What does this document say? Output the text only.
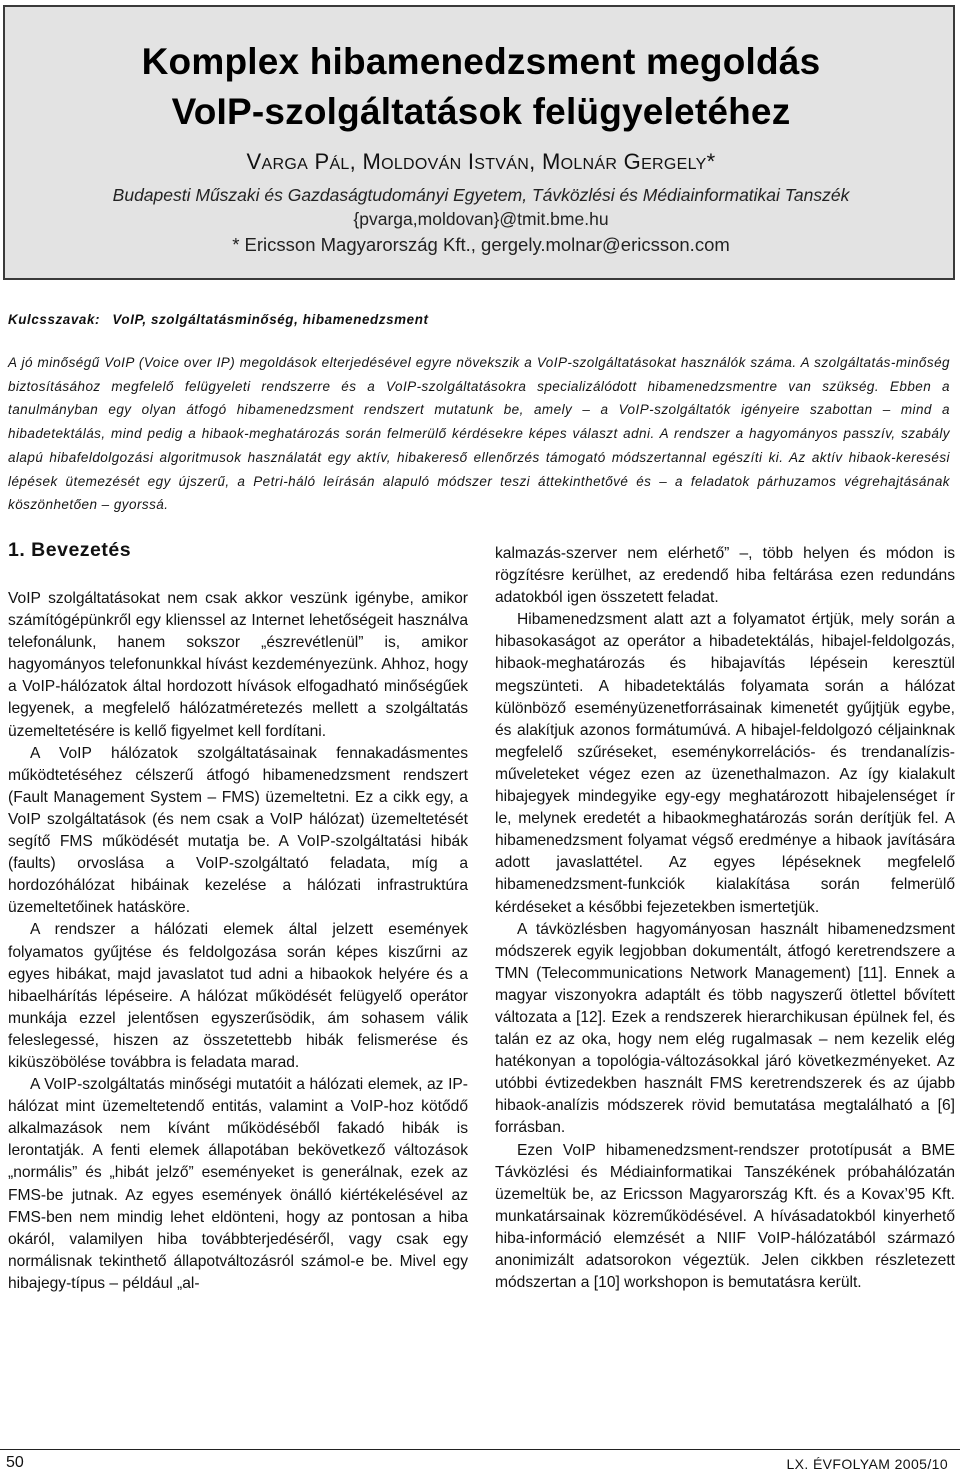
Komplex hibamenedzsment megoldás
VoIP-szolgáltatások felügyeletéhez
VARGA PÁL, MOLDOVÁN ISTVÁN, MOLNÁR GERGELY*
Budapesti Műszaki és Gazdaságtudományi Egyetem, Távközlési és Médiainformatikai Tanszék
{pvarga,moldovan}@tmit.bme.hu
* Ericsson Magyarország Kft., gergely.molnar@ericsson.com
Kulcsszavak: VoIP, szolgáltatásminőség, hibamenedzsment
A jó minőségű VoIP (Voice over IP) megoldások elterjedésével egyre növekszik a VoIP-szolgáltatásokat használók száma. A szolgáltatás-minőség biztosításához megfelelő felügyeleti rendszerre és a VoIP-szolgáltatásokra specializálódott hibamenedzsmentre van szükség. Ebben a tanulmányban egy olyan átfogó hibamenedzsment rendszert mutatunk be, amely – a VoIP-szolgáltatók igényeire szabottan – mind a hibadetektálás, mind pedig a hibaok-meghatározás során felmerülő kérdésekre képes választ adni. A rendszer a hagyományos passzív, szabály alapú hibafeldolgozási algoritmusok használatát egy aktív, hibakereső ellenőrzés támogató módszertannal egészíti ki. Az aktív hibaok-keresési lépések ütemezését egy újszerű, a Petri-háló leírásán alapuló módszer teszi áttekinthetővé és – a feladatok párhuzamos végrehajtásának köszönhetően – gyorssá.
1. Bevezetés

VoIP szolgáltatásokat nem csak akkor veszünk igénybe, amikor számítógépünkről egy klienssel az Internet lehetőségeit használva telefonálunk, hanem sokszor „észrevétlenül” is, amikor hagyományos telefonunkkal hívást kezdeményezünk. Ahhoz, hogy a VoIP-hálózatok által hordozott hívások elfogadható minőségűek legyenek, a megfelelő hálózatméretezés mellett a szolgáltatás üzemeltetésére is kellő figyelmet kell fordítani.

A VoIP hálózatok szolgáltatásainak fennakadásmentes működtetéséhez célszerű átfogó hibamenedzsment rendszert (Fault Management System – FMS) üzemeltetni. Ez a cikk egy, a VoIP szolgáltatások (és nem csak a VoIP hálózat) üzemeltetését segítő FMS működését mutatja be. A VoIP-szolgáltatási hibák (faults) orvoslása a VoIP-szolgáltató feladata, míg a hordozóhálózat hibáinak kezelése a hálózati infrastruktúra üzemeltetőinek hatásköre.

A rendszer a hálózati elemek által jelzett események folyamatos gyűjtése és feldolgozása során képes kiszűrni az egyes hibákat, majd javaslatot tud adni a hibaokok helyére és a hibaelhárítás lépéseire. A hálózat működését felügyelő operátor munkája ezzel jelentősen egyszerűsödik, ám sohasem válik feleslegessé, hiszen az összetettebb hibák felismerése és kiküszöbölése továbbra is feladata marad.

A VoIP-szolgáltatás minőségi mutatóit a hálózati elemek, az IP-hálózat mint üzemeltetendő entitás, valamint a VoIP-hoz kötődő alkalmazások nem kívánt működéséből fakadó hibák is lerontatják. A fenti elemek állapotában bekövetkező változások „normális” és „hibát jelző” eseményeket is generálnak, ezek az FMS-be jutnak. Az egyes események önálló kiértékelésével az FMS-ben nem mindig lehet eldönteni, hogy az pontosan a hiba okáról, valamilyen hiba továbbterjedéséről, vagy csak egy normálisnak tekinthető állapotváltozásról számol-e be. Mivel egy hibajegy-típus – például „al-

kalmazás-szerver nem elérhető” –, több helyen és módon is rögzítésre kerülhet, az eredendő hiba feltárása ezen redundáns adatokból igen összetett feladat.

Hibamenedzsment alatt azt a folyamatot értjük, mely során a hibasokaságot az operátor a hibadetektálás, hibajel-feldolgozás, hibaok-meghatározás és hibajavítás lépésein keresztül megszünteti. A hibadetektálás folyamata során a hálózat különböző eseményüzenetforrásainak kimenetét gyűjtjük egybe, és alakítjuk azonos formátumúvá. A hibajel-feldolgozó céljainknak megfelelő szűréseket, eseménykorrelációs- és trendanalízis-műveleteket végez ezen az üzenethalmazon. Az így kialakult hibajegyek mindegyike egy-egy meghatározott hibajelenséget ír le, melynek eredetét a hibaokmeghatározás során derítjük fel. A hibamenedzsment folyamat végső eredménye a hibaok javítására adott javaslattétel. Az egyes lépéseknek megfelelő hibamenedzsment-funkciók kialakítása során felmerülő kérdéseket a későbbi fejezetekben ismertetjük.

A távközlésben hagyományosan használt hibamenedzsment módszerek egyik legjobban dokumentált, átfogó keretrendszere a TMN (Telecommunications Network Management) [11]. Ennek a magyar viszonyokra adaptált és több nagyszerű ötlettel bővített változata a [12]. Ezek a rendszerek hierarchikusan épülnek fel, és talán ez az oka, hogy nem elég rugalmasak – nem kezelik elég hatékonyan a topológia-változásokkal járó következményeket. Az utóbbi évtizedekben használt FMS keretrendszerek és az újabb hibaok-analízis módszerek rövid bemutatása megtalálható a [6] forrásban.

Ezen VoIP hibamenedzsment-rendszer prototípusát a BME Távközlési és Médiainformatikai Tanszékének próbahálózatán üzemeltük be, az Ericsson Magyarország Kft. és a Kovax’95 Kft. munkatársainak közreműködésével. A hívásadatokból kinyerhető hiba-információ elemzését a NIIF VoIP-hálózatából származó anonimizált adatsorokon végeztük. Jelen cikkben részletezett módszertan a [10] workshopon is bemutatásra került.

50	LX. ÉVFOLYAM 2005/10
